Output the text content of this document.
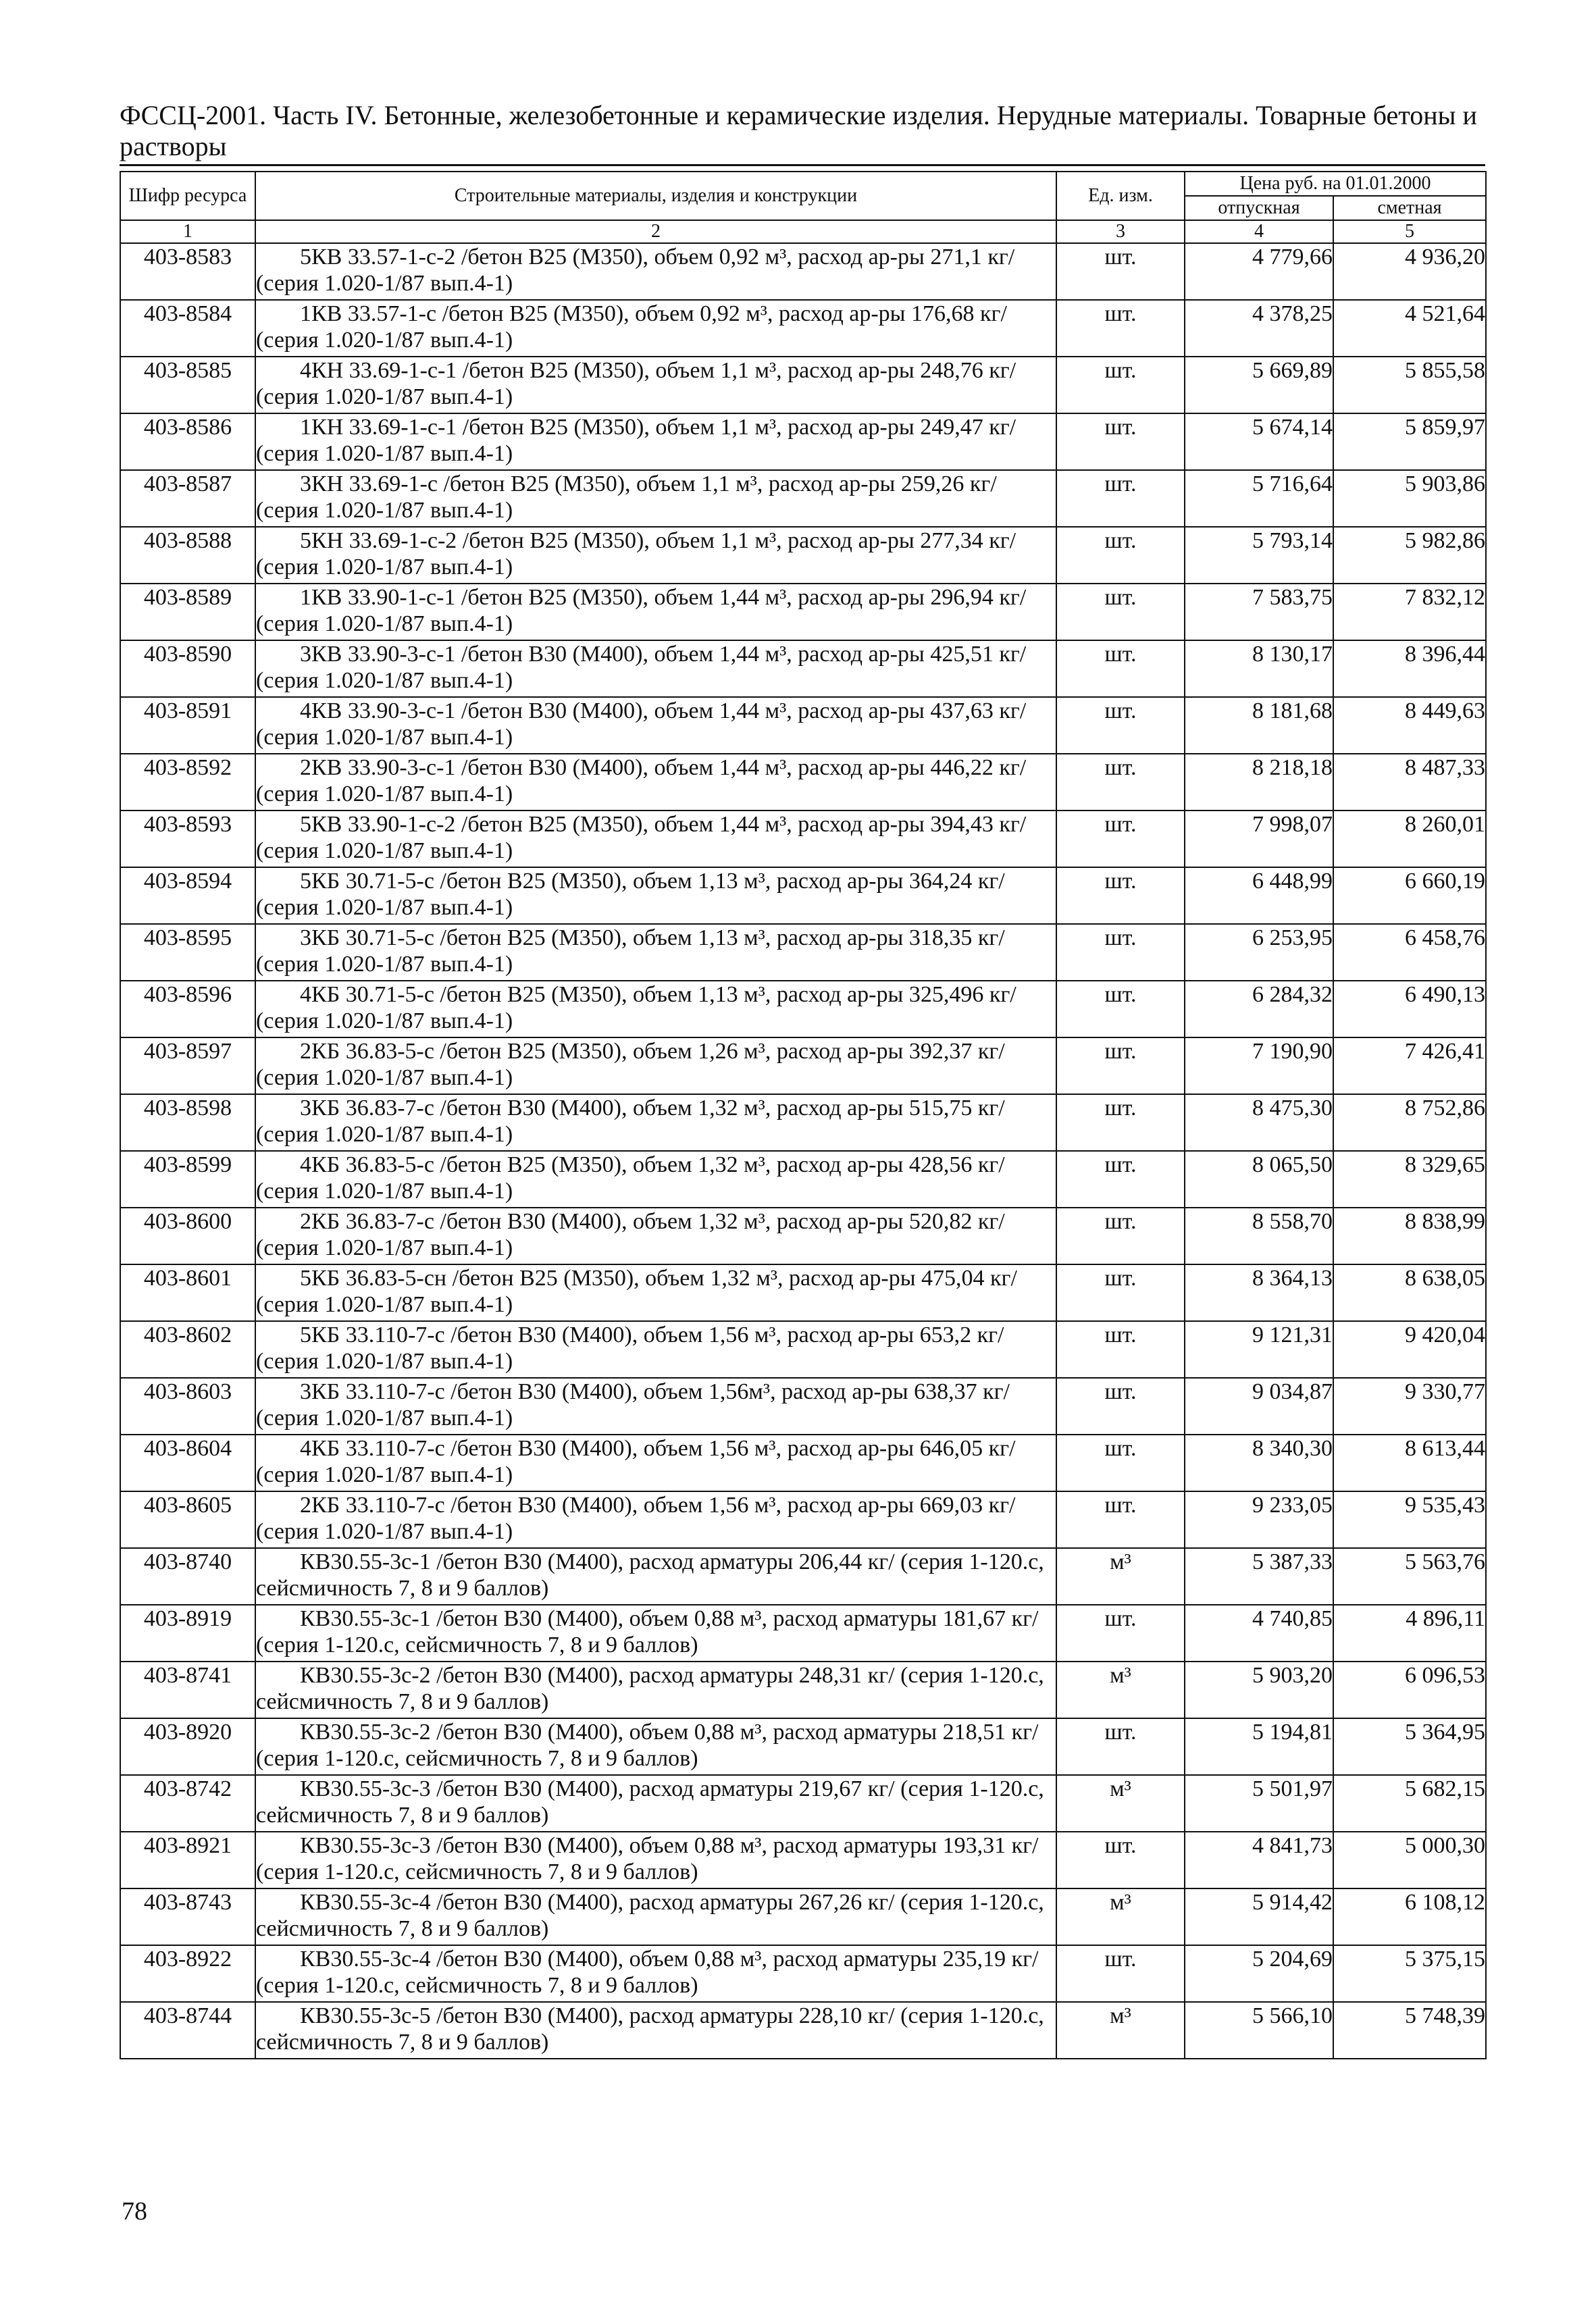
ФССЦ-2001. Часть IV. Бетонные, железобетонные и керамические изделия. Нерудные материалы. Товарные бетоны и растворы
Шифр ресурса	Строительные материалы, изделия и конструкции	Ед. изм.	Цена руб. на 01.01.2000	
			отпускная	сметная
1	2	3	4	5
403-8583	5КВ 33.57-1-с-2 /бетон В25 (М350), объем 0,92 м³, расход ар-ры 271,1 кг/ (серия 1.020-1/87 вып.4-1)	шт.	4 779,66	4 936,20
403-8584	1КВ 33.57-1-с /бетон В25 (М350), объем 0,92 м³, расход ар-ры 176,68 кг/ (серия 1.020-1/87 вып.4-1)	шт.	4 378,25	4 521,64
403-8585	4КН 33.69-1-с-1 /бетон В25 (М350), объем 1,1 м³, расход ар-ры 248,76 кг/ (серия 1.020-1/87 вып.4-1)	шт.	5 669,89	5 855,58
403-8586	1КН 33.69-1-с-1 /бетон В25 (М350), объем 1,1 м³, расход ар-ры 249,47 кг/ (серия 1.020-1/87 вып.4-1)	шт.	5 674,14	5 859,97
403-8587	3КН 33.69-1-с /бетон В25 (М350), объем 1,1 м³, расход ар-ры 259,26 кг/ (серия 1.020-1/87 вып.4-1)	шт.	5 716,64	5 903,86
403-8588	5КН 33.69-1-с-2 /бетон В25 (М350), объем 1,1 м³, расход ар-ры 277,34 кг/ (серия 1.020-1/87 вып.4-1)	шт.	5 793,14	5 982,86
403-8589	1КВ 33.90-1-с-1 /бетон В25 (М350), объем 1,44 м³, расход ар-ры 296,94 кг/ (серия 1.020-1/87 вып.4-1)	шт.	7 583,75	7 832,12
403-8590	3КВ 33.90-3-с-1 /бетон В30 (М400), объем 1,44 м³, расход ар-ры 425,51 кг/ (серия 1.020-1/87 вып.4-1)	шт.	8 130,17	8 396,44
403-8591	4КВ 33.90-3-с-1 /бетон В30 (М400), объем 1,44 м³, расход ар-ры 437,63 кг/ (серия 1.020-1/87 вып.4-1)	шт.	8 181,68	8 449,63
403-8592	2КВ 33.90-3-с-1 /бетон В30 (М400), объем 1,44 м³, расход ар-ры 446,22 кг/ (серия 1.020-1/87 вып.4-1)	шт.	8 218,18	8 487,33
403-8593	5КВ 33.90-1-с-2 /бетон В25 (М350), объем 1,44 м³, расход ар-ры 394,43 кг/ (серия 1.020-1/87 вып.4-1)	шт.	7 998,07	8 260,01
403-8594	5КБ 30.71-5-с /бетон В25 (М350), объем 1,13 м³, расход ар-ры 364,24 кг/ (серия 1.020-1/87 вып.4-1)	шт.	6 448,99	6 660,19
403-8595	3КБ 30.71-5-с /бетон В25 (М350), объем 1,13 м³, расход ар-ры 318,35 кг/ (серия 1.020-1/87 вып.4-1)	шт.	6 253,95	6 458,76
403-8596	4КБ 30.71-5-с /бетон В25 (М350), объем 1,13 м³, расход ар-ры 325,496 кг/ (серия 1.020-1/87 вып.4-1)	шт.	6 284,32	6 490,13
403-8597	2КБ 36.83-5-с /бетон В25 (М350), объем 1,26 м³, расход ар-ры 392,37 кг/ (серия 1.020-1/87 вып.4-1)	шт.	7 190,90	7 426,41
403-8598	3КБ 36.83-7-с /бетон В30 (М400), объем 1,32 м³, расход ар-ры 515,75 кг/ (серия 1.020-1/87 вып.4-1)	шт.	8 475,30	8 752,86
403-8599	4КБ 36.83-5-с /бетон В25 (М350), объем 1,32 м³, расход ар-ры 428,56 кг/ (серия 1.020-1/87 вып.4-1)	шт.	8 065,50	8 329,65
403-8600	2КБ 36.83-7-с /бетон В30 (М400), объем 1,32 м³, расход ар-ры 520,82 кг/ (серия 1.020-1/87 вып.4-1)	шт.	8 558,70	8 838,99
403-8601	5КБ 36.83-5-сн /бетон В25 (М350), объем 1,32 м³, расход ар-ры 475,04 кг/ (серия 1.020-1/87 вып.4-1)	шт.	8 364,13	8 638,05
403-8602	5КБ 33.110-7-с /бетон В30 (М400), объем 1,56 м³, расход ар-ры 653,2 кг/ (серия 1.020-1/87 вып.4-1)	шт.	9 121,31	9 420,04
403-8603	3КБ 33.110-7-с /бетон В30 (М400), объем 1,56м³, расход ар-ры 638,37 кг/ (серия 1.020-1/87 вып.4-1)	шт.	9 034,87	9 330,77
403-8604	4КБ 33.110-7-с /бетон В30 (М400), объем 1,56 м³, расход ар-ры 646,05 кг/ (серия 1.020-1/87 вып.4-1)	шт.	8 340,30	8 613,44
403-8605	2КБ 33.110-7-с /бетон В30 (М400), объем 1,56 м³, расход ар-ры 669,03 кг/ (серия 1.020-1/87 вып.4-1)	шт.	9 233,05	9 535,43
403-8740	КВ30.55-3с-1 /бетон В30 (М400), расход арматуры 206,44 кг/ (серия 1-120.с, сейсмичность 7, 8 и 9 баллов)	м³	5 387,33	5 563,76
403-8919	КВ30.55-3с-1 /бетон В30 (М400), объем 0,88 м³, расход арматуры 181,67 кг/ (серия 1-120.с, сейсмичность 7, 8 и 9 баллов)	шт.	4 740,85	4 896,11
403-8741	КВ30.55-3с-2 /бетон В30 (М400), расход арматуры 248,31 кг/ (серия 1-120.с, сейсмичность 7, 8 и 9 баллов)	м³	5 903,20	6 096,53
403-8920	КВ30.55-3с-2 /бетон В30 (М400), объем 0,88 м³, расход арматуры 218,51 кг/ (серия 1-120.с, сейсмичность 7, 8 и 9 баллов)	шт.	5 194,81	5 364,95
403-8742	КВ30.55-3с-3 /бетон В30 (М400), расход арматуры 219,67 кг/ (серия 1-120.с, сейсмичность 7, 8 и 9 баллов)	м³	5 501,97	5 682,15
403-8921	КВ30.55-3с-3 /бетон В30 (М400), объем 0,88 м³, расход арматуры 193,31 кг/ (серия 1-120.с, сейсмичность 7, 8 и 9 баллов)	шт.	4 841,73	5 000,30
403-8743	КВ30.55-3с-4 /бетон В30 (М400), расход арматуры 267,26 кг/ (серия 1-120.с, сейсмичность 7, 8 и 9 баллов)	м³	5 914,42	6 108,12
403-8922	КВ30.55-3с-4 /бетон В30 (М400), объем 0,88 м³, расход арматуры 235,19 кг/ (серия 1-120.с, сейсмичность 7, 8 и 9 баллов)	шт.	5 204,69	5 375,15
403-8744	КВ30.55-3с-5 /бетон В30 (М400), расход арматуры 228,10 кг/ (серия 1-120.с, сейсмичность 7, 8 и 9 баллов)	м³	5 566,10	5 748,39
78
